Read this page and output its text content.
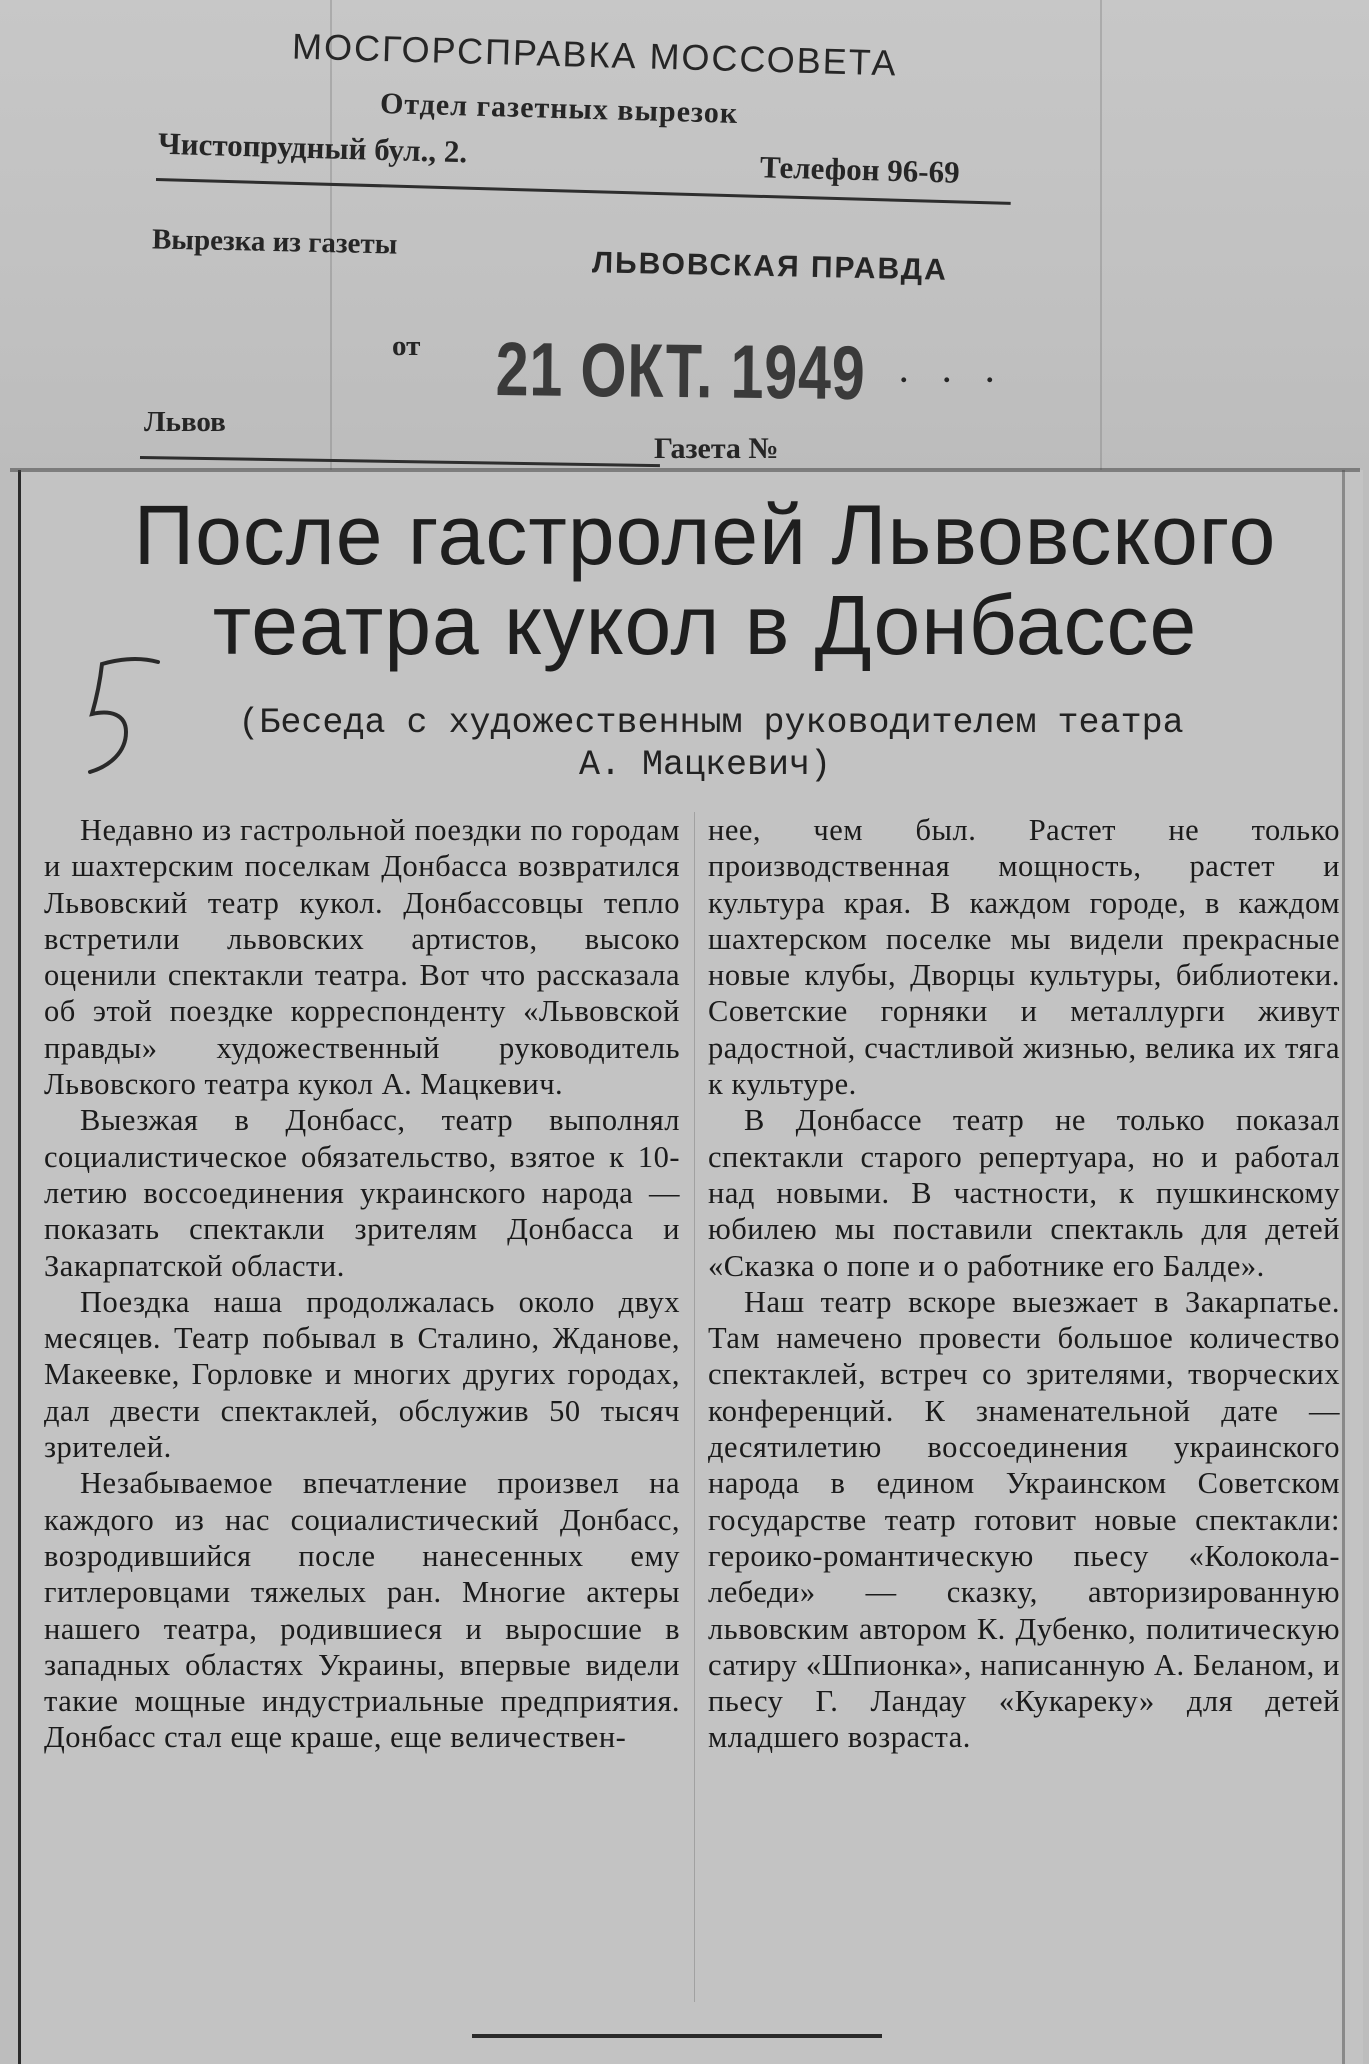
МОСГОРСПРАВКА МОССОВЕТА
Отдел газетных вырезок
Чистопрудный бул., 2.
Телефон 96-69
Вырезка из газеты
ЛЬВОВСКАЯ ПРАВДА
от 21 ОКТ. 1949 . . .
Львов
Газета №
После гастролей Львовского
театра кукол в Донбассе
(Беседа с художественным руководителем театра
А. Мацкевич)

Недавно из гастрольной поездки по городам и шахтерским поселкам Донбасса возвратился Львовский театр кукол. Донбассовцы тепло встретили львовских артистов, высоко оценили спектакли театра. Вот что рассказала об этой поездке корреспонденту «Львовской правды» художественный руководитель Львовского театра кукол А. Мацкевич.

Выезжая в Донбасс, театр выполнял социалистическое обязательство, взятое к 10-летию воссоединения украинского народа — показать спектакли зрителям Донбасса и Закарпатской области.

Поездка наша продолжалась около двух месяцев. Театр побывал в Сталино, Жданове, Макеевке, Горловке и многих других городах, дал двести спектаклей, обслужив 50 тысяч зрителей.

Незабываемое впечатление произвел на каждого из нас социалистический Донбасс, возродившийся после нанесенных ему гитлеровцами тяжелых ран. Многие актеры нашего театра, родившиеся и выросшие в западных областях Украины, впервые видели такие мощные индустриальные предприятия. Донбасс стал еще краше, еще величествен-

нее, чем был. Растет не только производственная мощность, растет и культура края. В каждом городе, в каждом шахтерском поселке мы видели прекрасные новые клубы, Дворцы культуры, библиотеки. Советские горняки и металлурги живут радостной, счастливой жизнью, велика их тяга к культуре.

В Донбассе театр не только показал спектакли старого репертуара, но и работал над новыми. В частности, к пушкинскому юбилею мы поставили спектакль для детей «Сказка о попе и о работнике его Балде».

Наш театр вскоре выезжает в Закарпатье. Там намечено провести большое количество спектаклей, встреч со зрителями, творческих конференций. К знаменательной дате — десятилетию воссоединения украинского народа в едином Украинском Советском государстве театр готовит новые спектакли: героико-романтическую пьесу «Колокола-лебеди» — сказку, авторизированную львовским автором К. Дубенко, политическую сатиру «Шпионка», написанную А. Беланом, и пьесу Г. Ландау «Кукареку» для детей младшего возраста.
